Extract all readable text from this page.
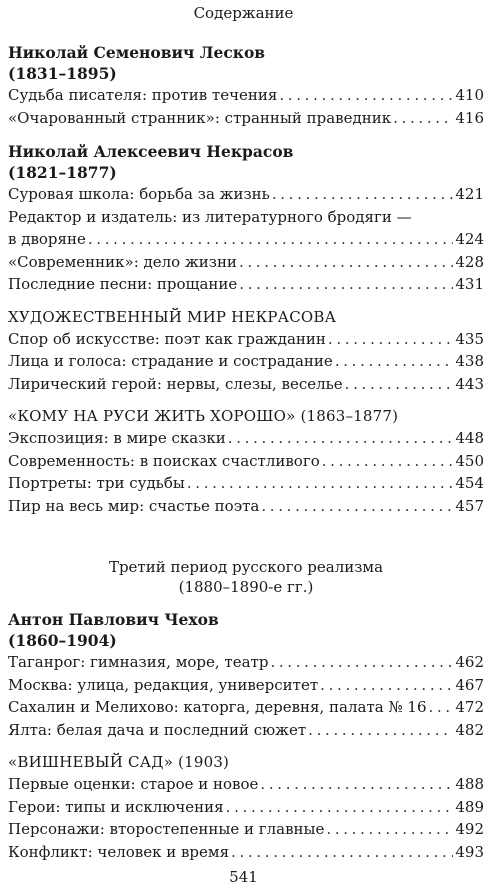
Содержание
Николай Семенович Лесков
(1831–1895)
Судьба писателя: против течения . . .	410
«Очарованный странник»: странный праведник . . .	416
Николай Алексеевич Некрасов
(1821–1877)
Суровая школа: борьба за жизнь . . .	421
Редактор и издатель: из литературного бродяги —
в дворяне . . .	424
«Современник»: дело жизни . . .	428
Последние песни: прощание . . .	431
ХУДОЖЕСТВЕННЫЙ МИР НЕКРАСОВА
Спор об искусстве: поэт как гражданин . . .	435
Лица и голоса: страдание и сострадание . . .	438
Лирический герой: нервы, слезы, веселье . . .	443
«КОМУ НА РУСИ ЖИТЬ ХОРОШО» (1863–1877)
Экспозиция: в мире сказки . . .	448
Современность: в поисках счастливого . . .	450
Портреты: три судьбы . . .	454
Пир на весь мир: счастье поэта . . .	457
Третий период русского реализма
(1880–1890-е гг.)
Антон Павлович Чехов
(1860–1904)
Таганрог: гимназия, море, театр . . .	462
Москва: улица, редакция, университет . . .	467
Сахалин и Мелихово: каторга, деревня, палата № 16 . . . 472
Ялта: белая дача и последний сюжет . . .	482
«ВИШНЕВЫЙ САД» (1903)
Первые оценки: старое и новое . . .	488
Герои: типы и исключения . . .	489
Персонажи: второстепенные и главные . . .	492
Конфликт: человек и время . . .	493
541
